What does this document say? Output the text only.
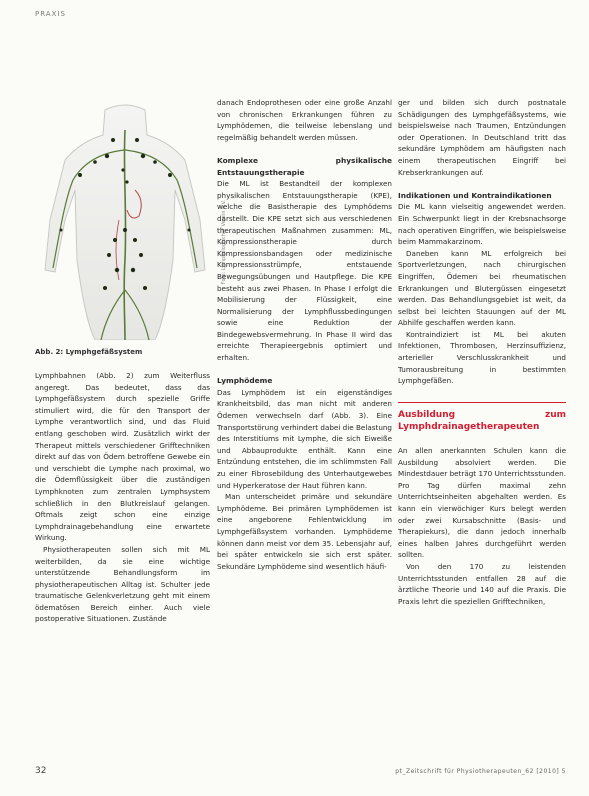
PRAXIS
Foto: Lymphologischer Verein e.V.
Abb. 2: Lymphgefäßsystem

Lymphbahnen (Abb. 2) zum Weiterfluss angeregt. Das bedeutet, dass das Lymphgefäßsystem durch spezielle Griffe stimuliert wird, die für den Transport der Lymphe verantwortlich sind, und das Fluid entlang geschoben wird. Zusätzlich wirkt der Therapeut mittels verschiedener Grifftechniken direkt auf das von Ödem betroffene Gewebe ein und verschiebt die Lymphe nach proximal, wo die Ödemflüssigkeit über die zuständigen Lymphknoten zum zentralen Lymphsystem schließlich in den Blutkreislauf gelangen. Oftmals zeigt schon eine einzige Lymphdrainagebehandlung eine erwartete Wirkung.

Physiotherapeuten sollen sich mit ML weiterbilden, da sie eine wichtige unterstützende Behandlungsform im physiotherapeutischen Alltag ist. Schulter jede traumatische Gelenkverletzung geht mit einem ödematösen Bereich einher. Auch viele postoperative Situationen. Zustände

danach Endoprothesen oder eine große Anzahl von chronischen Erkrankungen führen zu Lymphödemen, die teilweise lebenslang und regelmäßig behandelt werden müssen.

Komplexe physikalische Entstauungstherapie

Die ML ist Bestandteil der komplexen physikalischen Entstauungstherapie (KPE), welche die Basistherapie des Lymphödems darstellt. Die KPE setzt sich aus verschiedenen therapeutischen Maßnahmen zusammen: ML, Kompressionstherapie durch Kompressionsbandagen oder medizinische Kompressionsstrümpfe, entstauende Bewegungsübungen und Hautpflege. Die KPE besteht aus zwei Phasen. In Phase I erfolgt die Mobilisierung der Flüssigkeit, eine Normalisierung der Lymphflussbedingungen sowie eine Reduktion der Bindegewebsvermehrung. In Phase II wird das erreichte Therapieergebnis optimiert und erhalten.

Lymphödeme

Das Lymphödem ist ein eigenständiges Krankheitsbild, das man nicht mit anderen Ödemen verwechseln darf (Abb. 3). Eine Transportstörung verhindert dabei die Belastung des Interstitiums mit Lymphe, die sich Eiweiße und Abbauprodukte enthält. Kann eine Entzündung entstehen, die im schlimmsten Fall zu einer Fibrosebildung des Unterhautgewebes und Hyperkeratose der Haut führen kann.

Man unterscheidet primäre und sekundäre Lymphödeme. Bei primären Lymphödemen ist eine angeborene Fehlentwicklung im Lymphgefäßsystem vorhanden. Lymphödeme können dann meist vor dem 35. Lebensjahr auf, bei später entwickeln sie sich erst später. Sekundäre Lymphödeme sind wesentlich häufi-

ger und bilden sich durch postnatale Schädigungen des Lymphgefäßsystems, wie beispielsweise nach Traumen, Entzündungen oder Operationen. In Deutschland tritt das sekundäre Lymphödem am häufigsten nach einem therapeutischen Eingriff bei Krebserkrankungen auf.

Indikationen und Kontraindikationen

Die ML kann vielseitig angewendet werden. Ein Schwerpunkt liegt in der Krebsnachsorge nach operativen Eingriffen, wie beispielsweise beim Mammakarzinom.

Daneben kann ML erfolgreich bei Sportverletzungen, nach chirurgischen Eingriffen, Ödemen bei rheumatischen Erkrankungen und Blutergüssen eingesetzt werden. Das Behandlungsgebiet ist weit, da selbst bei leichten Stauungen auf der ML Abhilfe geschaffen werden kann.

Kontraindiziert ist ML bei akuten Infektionen, Thrombosen, Herzinsuffizienz, arterieller Verschlusskrankheit und Tumorausbreitung in bestimmten Lymphgefäßen.

Ausbildung zum Lymphdrainagetherapeuten

An allen anerkannten Schulen kann die Ausbildung absolviert werden. Die Mindestdauer beträgt 170 Unterrichtsstunden. Pro Tag dürfen maximal zehn Unterrichtseinheiten abgehalten werden. Es kann ein vierwöchiger Kurs belegt werden oder zwei Kursabschnitte (Basis- und Therapiekurs), die dann jedoch innerhalb eines halben Jahres durchgeführt werden sollten.

Von den 170 zu leistenden Unterrichtsstunden entfallen 28 auf die ärztliche Theorie und 140 auf die Praxis. Die Praxis lehrt die speziellen Grifftechniken,

32	pt_Zeitschrift für Physiotherapeuten_62 [2010] 5
